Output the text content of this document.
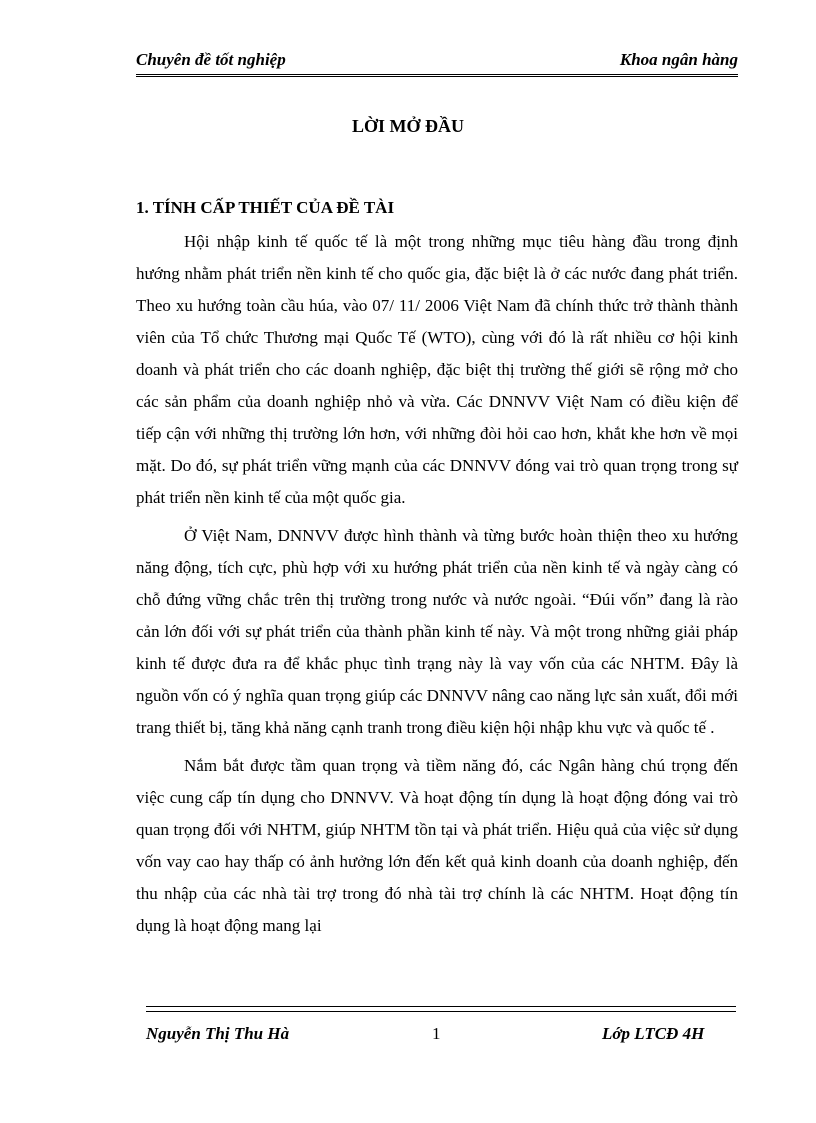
Chuyên đề tốt nghiệp	Khoa ngân hàng
LỜI MỞ ĐẦU
1. TÍNH CẤP THIẾT CỦA ĐỀ TÀI

Hội nhập kinh tế quốc tế là một trong những mục tiêu hàng đầu trong định hướng nhằm phát triển nền kinh tế cho quốc gia, đặc biệt là ở các nước đang phát triển. Theo xu hướng toàn cầu húa, vào 07/ 11/ 2006 Việt Nam đã chính thức trở thành thành viên của Tổ chức Thương mại Quốc Tế (WTO), cùng với đó là rất nhiều cơ hội kinh doanh và phát triển cho các doanh nghiệp, đặc biệt thị trường thế giới sẽ rộng mở cho các sản phẩm của doanh nghiệp nhỏ và vừa. Các DNNVV Việt Nam có điều kiện để tiếp cận với những thị trường lớn hơn, với những đòi hỏi cao hơn, khắt khe hơn về mọi mặt. Do đó, sự phát triển vững mạnh của các DNNVV đóng vai trò quan trọng trong sự phát triển nền kinh tế của một quốc gia.

Ở Việt Nam, DNNVV được hình thành và từng bước hoàn thiện theo xu hướng năng động, tích cực, phù hợp với xu hướng phát triển của nền kinh tế và ngày càng có chỗ đứng vững chắc trên thị trường trong nước và nước ngoài. “Đúi vốn” đang là rào cản lớn đối với sự phát triển của thành phần kinh tế này. Và một trong những giải pháp kinh tế được đưa ra để khắc phục tình trạng này là vay vốn của các NHTM. Đây là nguồn vốn có ý nghĩa quan trọng giúp các DNNVV nâng cao năng lực sản xuất, đổi mới trang thiết bị, tăng khả năng cạnh tranh trong điều kiện hội nhập khu vực và quốc tế .

Nắm bắt được tầm quan trọng và tiềm năng đó, các Ngân hàng chú trọng đến việc cung cấp tín dụng cho DNNVV. Và hoạt động tín dụng là hoạt động đóng vai trò quan trọng đối với NHTM, giúp NHTM tồn tại và phát triển. Hiệu quả của việc sử dụng vốn vay cao hay thấp có ảnh hưởng lớn đến kết quả kinh doanh của doanh nghiệp, đến thu nhập của các nhà tài trợ trong đó nhà tài trợ chính là các NHTM. Hoạt động tín dụng là hoạt động mang lại

Nguyễn Thị Thu Hà	1	Lớp LTCĐ 4H
